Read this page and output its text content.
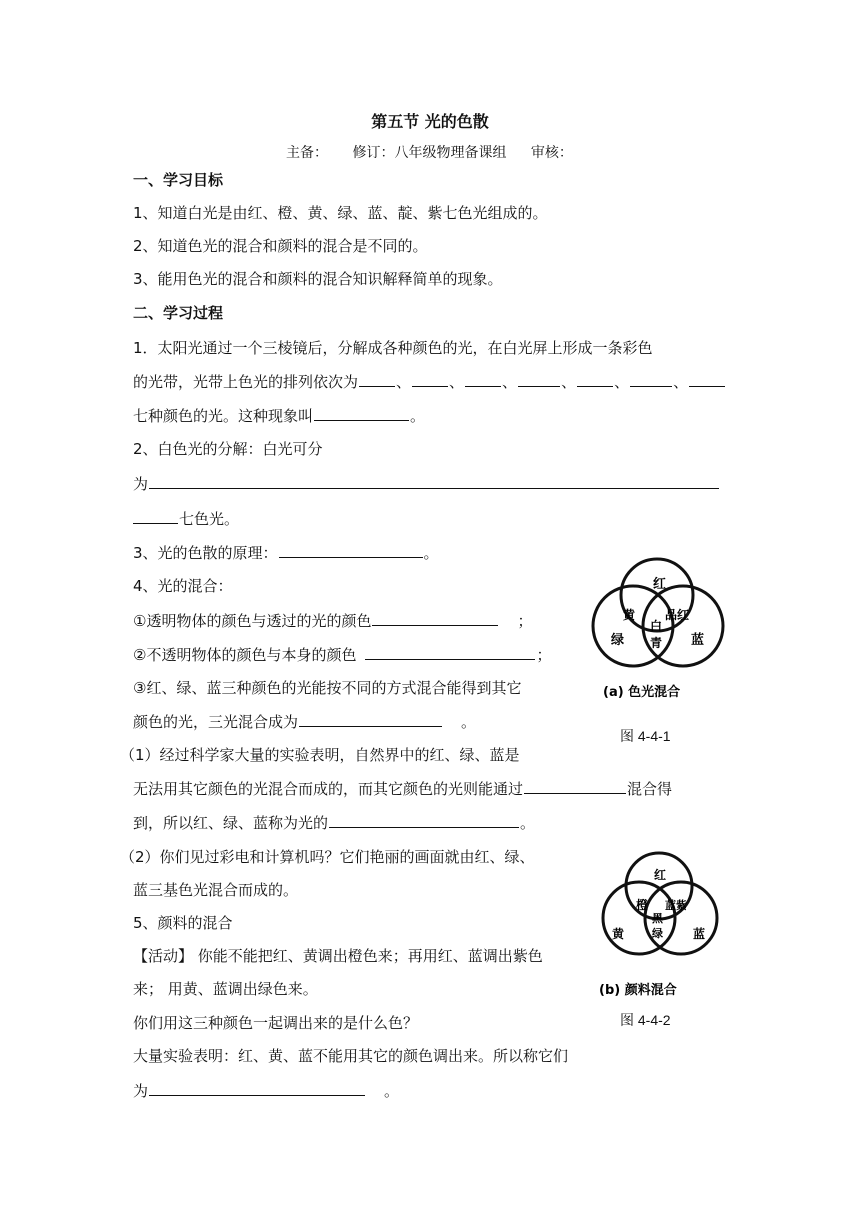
第五节 光的色散
主备： 修订：八年级物理备课组 审核：
一、学习目标
1、知道白光是由红、橙、黄、绿、蓝、靛、紫七色光组成的。
2、知道色光的混合和颜料的混合是不同的。
3、能用色光的混合和颜料的混合知识解释简单的现象。
二、学习过程
1．太阳光通过一个三棱镜后，分解成各种颜色的光，在白光屏上形成一条彩色
的光带，光带上色光的排列依次为	、	、	、	、	、	、
七种颜色的光。这种现象叫	。
2、白色光的分解：白光可分
为
七色光。
3、光的色散的原理：	。
4、光的混合：
①透明物体的颜色与透过的光的颜色	；
②不透明物体的颜色与本身的颜色	；
③红、绿、蓝三种颜色的光能按不同的方式混合能得到其它
颜色的光，三光混合成为	。
（1）经过科学家大量的实验表明，自然界中的红、绿、蓝是
无法用其它颜色的光混合而成的，而其它颜色的光则能通过	混合得
到，所以红、绿、蓝称为光的	。
（2）你们见过彩电和计算机吗？它们艳丽的画面就由红、绿、
蓝三基色光混合而成的。
5、颜料的混合
【活动】 你能不能把红、黄调出橙色来；再用红、蓝调出紫色
来； 用黄、蓝调出绿色来。
你们用这三种颜色一起调出来的是什么色？
大量实验表明：红、黄、蓝不能用其它的颜色调出来。所以称它们
为	。
红
黄 品红
白
青
绿	蓝
(a) 色光混合
图 4-4-1
红
橙 蓝紫
黑
绿
黄	蓝
(b) 颜料混合
图 4-4-2
